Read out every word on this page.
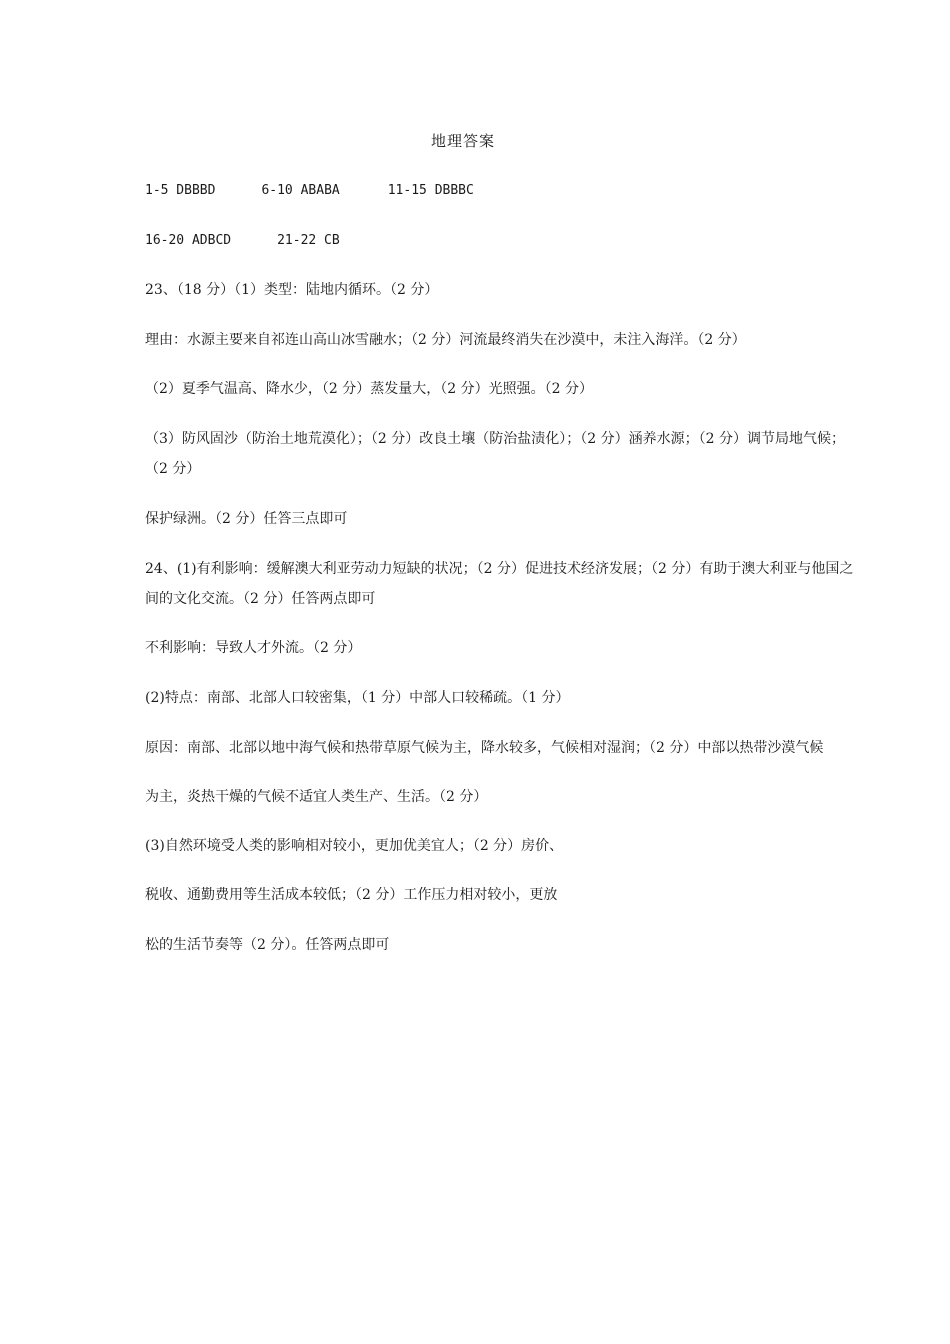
地理答案
1-5 DBBBD	6-10 ABABA	11-15 DBBBC
16-20 ADBCD	21-22 CB
23、（18 分）（1）类型：陆地内循环。（2 分）
理由：水源主要来自祁连山高山冰雪融水；（2 分）河流最终消失在沙漠中，未注入海洋。（2 分）
（2）夏季气温高、降水少，（2 分）蒸发量大，（2 分）光照强。（2 分）
（3）防风固沙（防治土地荒漠化）；（2 分）改良土壤（防治盐渍化）；（2 分）涵养水源；（2 分）调节局地气候；
（2 分）
保护绿洲。（2 分）任答三点即可
24、(1)有利影响：缓解澳大利亚劳动力短缺的状况；（2 分）促进技术经济发展；（2 分）有助于澳大利亚与他国之
间的文化交流。（2 分）任答两点即可
不利影响：导致人才外流。（2 分）
(2)特点：南部、北部人口较密集，（1 分）中部人口较稀疏。（1 分）
原因：南部、北部以地中海气候和热带草原气候为主，降水较多，气候相对湿润；（2 分）中部以热带沙漠气候
为主，炎热干燥的气候不适宜人类生产、生活。（2 分）
(3)自然环境受人类的影响相对较小，更加优美宜人；（2 分）房价、
税收、通勤费用等生活成本较低；（2 分）工作压力相对较小，更放
松的生活节奏等（2 分）。任答两点即可
